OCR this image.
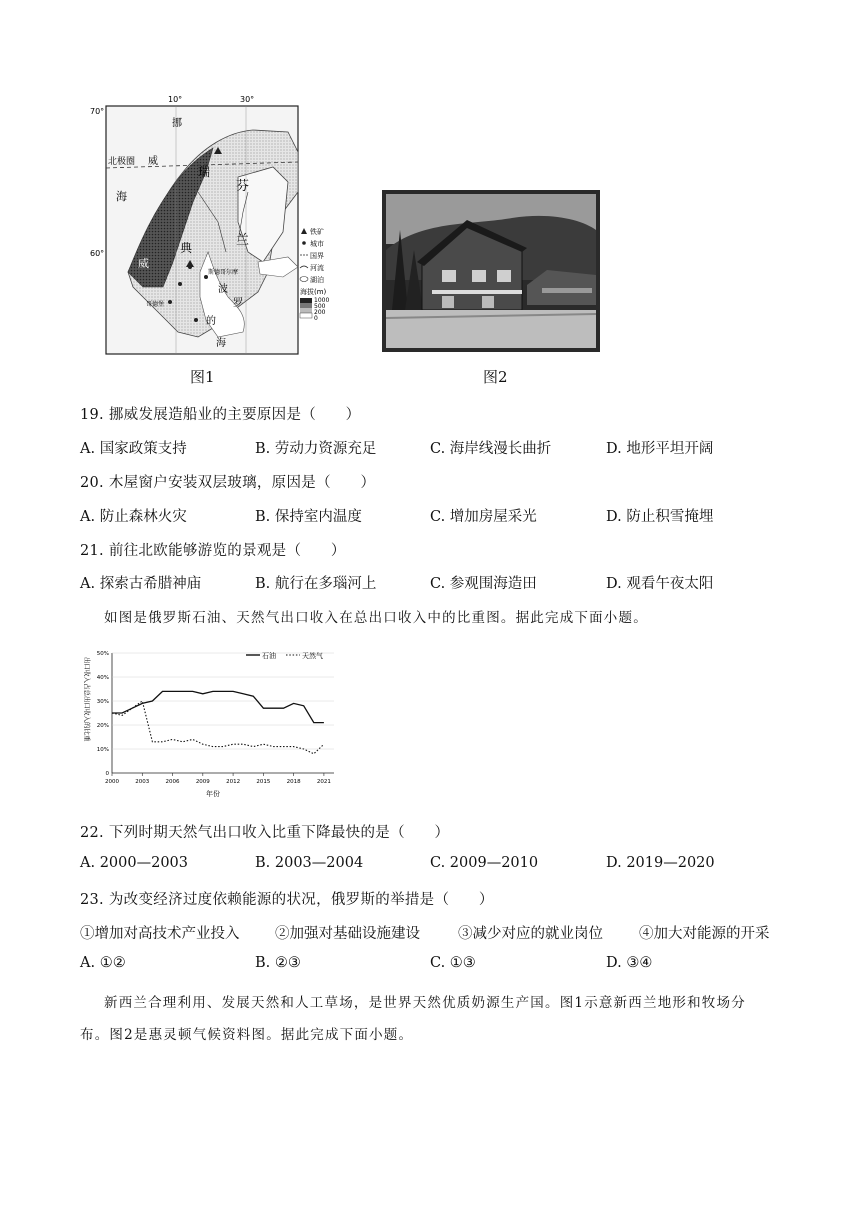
70°
60°
10°	30°
北极圈
挪
威
海
威
瑞
典
芬
兰
斯德哥尔摩
哥德堡
波
罗
的
海
铁矿
城市
国界
河流
湖泊
海拔(m)
1000
500
200
0
图1	图2
19. 挪威发展造船业的主要原因是（　　）
A. 国家政策支持	B. 劳动力资源充足	C. 海岸线漫长曲折	D. 地形平坦开阔
20. 木屋窗户安装双层玻璃，原因是（　　）
A. 防止森林火灾	B. 保持室内温度	C. 增加房屋采光	D. 防止积雪掩埋
21. 前往北欧能够游览的景观是（　　）
A. 探索古希腊神庙	B. 航行在多瑙河上	C. 参观围海造田	D. 观看午夜太阳
如图是俄罗斯石油、天然气出口收入在总出口收入中的比重图。据此完成下面小题。
0
10%
20%
30%
40%
50%
2000	2003	2006	2009	2012	2015	2018	2021
石油	天然气
出口收入占总出口收入的比重
年份
22. 下列时期天然气出口收入比重下降最快的是（　　）
A. 2000—2003	B. 2003—2004	C. 2009—2010	D. 2019—2020
23. 为改变经济过度依赖能源的状况，俄罗斯的举措是（　　）
①增加对高技术产业投入 ②加强对基础设施建设	③减少对应的就业岗位 ④加大对能源的开采
A. ①②	B. ②③	C. ①③	D. ③④
新西兰合理利用、发展天然和人工草场，是世界天然优质奶源生产国。图1示意新西兰地形和牧场分
布。图2是惠灵顿气候资料图。据此完成下面小题。
